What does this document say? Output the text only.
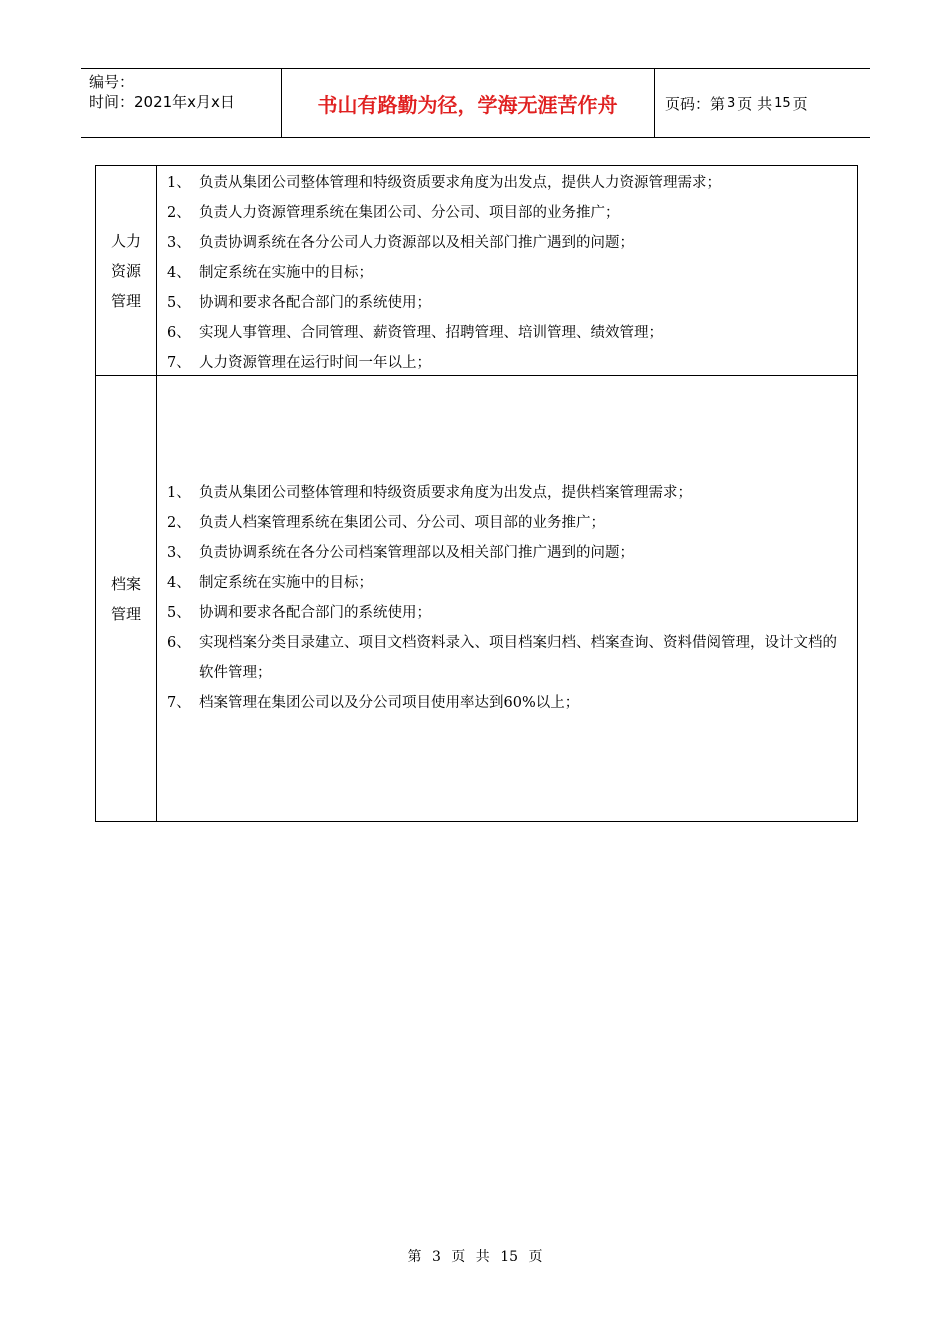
编号：
时间：2021年x月x日	书山有路勤为径，学海无涯苦作舟	页码：第 3 页 共 15 页
人力
资源
管理
1、 负责从集团公司整体管理和特级资质要求角度为出发点，提供人力资源管理需求；
2、 负责人力资源管理系统在集团公司、分公司、项目部的业务推广；
3、 负责协调系统在各分公司人力资源部以及相关部门推广遇到的问题；
4、 制定系统在实施中的目标；
5、 协调和要求各配合部门的系统使用；
6、 实现人事管理、合同管理、薪资管理、招聘管理、培训管理、绩效管理；
7、 人力资源管理在运行时间一年以上；
档案
管理
1、 负责从集团公司整体管理和特级资质要求角度为出发点，提供档案管理需求；
2、 负责人档案管理系统在集团公司、分公司、项目部的业务推广；
3、 负责协调系统在各分公司档案管理部以及相关部门推广遇到的问题；
4、 制定系统在实施中的目标；
5、 协调和要求各配合部门的系统使用；
6、 实现档案分类目录建立、项目文档资料录入、项目档案归档、档案查询、资料借阅管理，设计文档的软件管理；
7、 档案管理在集团公司以及分公司项目使用率达到60%以上；
第 3 页 共 15 页
